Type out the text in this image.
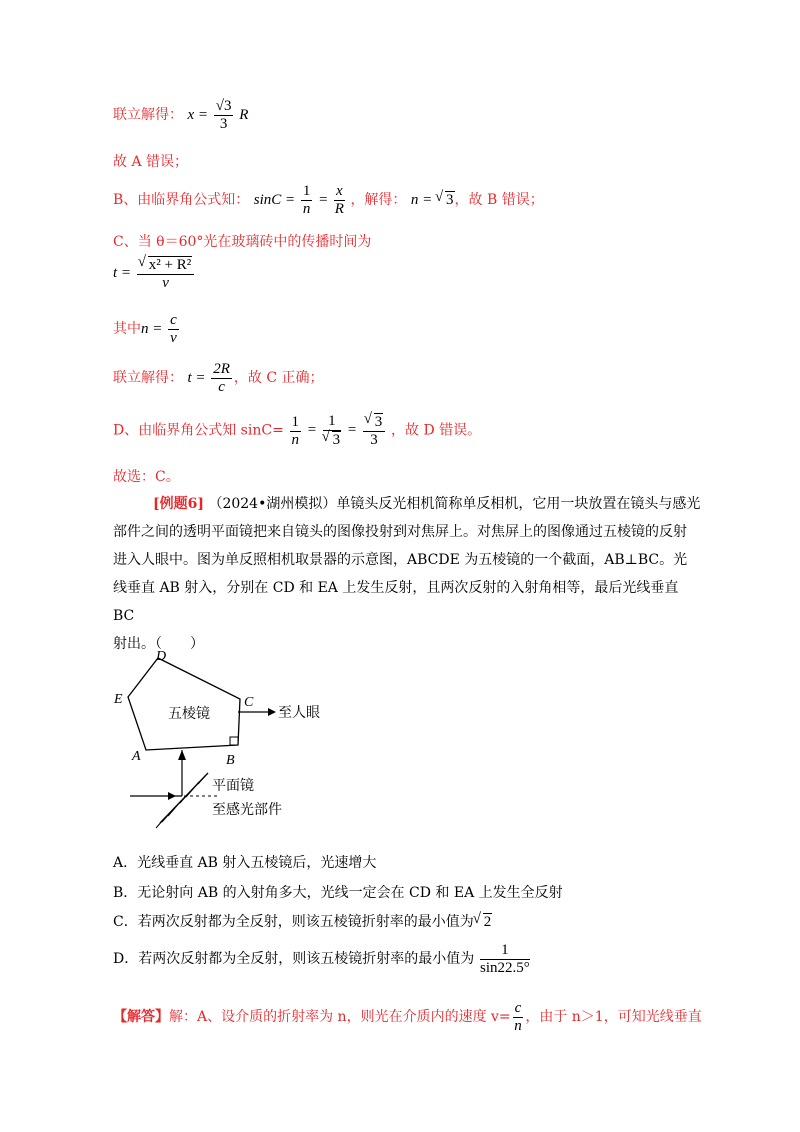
联立解得： $x = \frac{√3}{3}$ R
故 A 错误；
B、由临界角公式知： $\sin C = \frac{1}{n} = \frac{x}{R}$ ，解得： n = √ 3，故 B 错误；
C、当 θ＝60°光在玻璃砖中的传播时间为
t = √ $\frac{\text{x² + R²}}{v}$
其中$n = \frac{c}{v}$
联立解得： $t = \frac{2R}{c}$ ，故 C 正确；
D、由临界角公式知 $\sin C= \frac{1}{n} = 1$
√ 3 = √ $\frac{3}{3}$ ，故 D 错误。
故选：C。
[例题6] （2024•湖州模拟）单镜头反光相机简称单反相机，它用一块放置在镜头与感光
部件之间的透明平面镜把来自镜头的图像投射到对焦屏上。对焦屏上的图像通过五棱镜的反射
进入人眼中。图为单反照相机取景器的示意图，ABCDE 为五棱镜的一个截面，AB⊥BC。光
线垂直 AB 射入，分别在 CD 和 EA 上发生反射，且两次反射的入射角相等，最后光线垂直 BC
射出。（　　）
D
E	C
A	B
五棱镜	至人眼
平面镜
至感光部件
A．光线垂直 AB 射入五棱镜后，光速增大
B．无论射向 AB 的入射角多大，光线一定会在 CD 和 EA 上发生全反射
C．若两次反射都为全反射，则该五棱镜折射率的最小值为 √ 2
D．若两次反射都为全反射，则该五棱镜折射率的最小值为 $\frac{1}{\sin 22.5^\circ}$
【解答】解：A、设介质的折射率为 n，则光在介质内的速度 $v= \frac{c}{n}$ ，由于 n＞1，可知光线垂直
